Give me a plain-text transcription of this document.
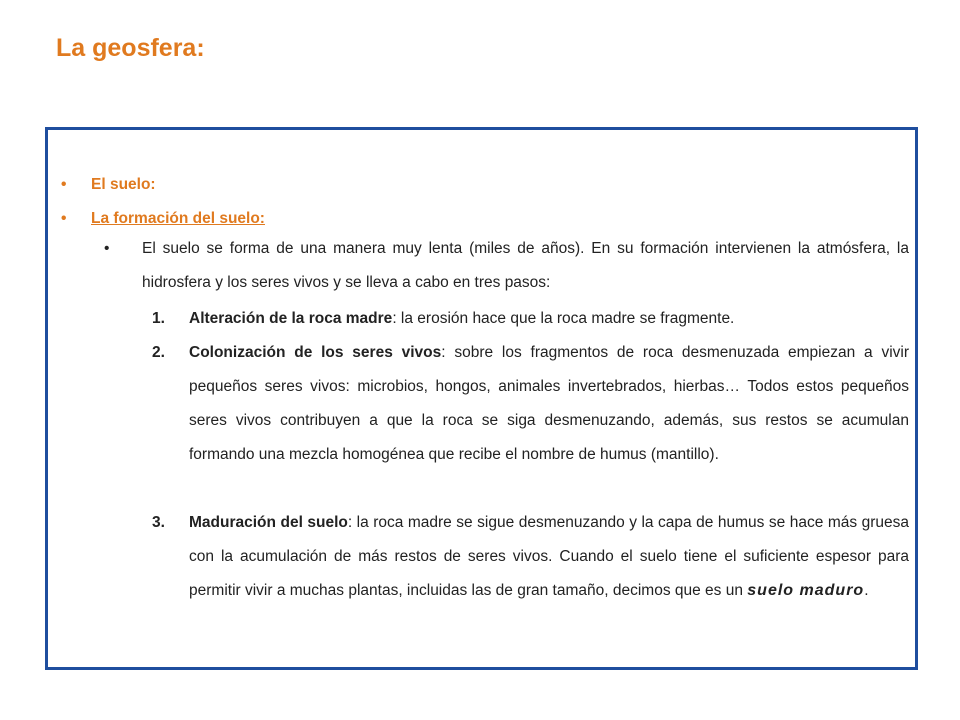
La geosfera:
•	El suelo:
•	La formación del suelo:
•	El suelo se forma de una manera muy lenta (miles de años). En su formación intervienen la atmósfera, la hidrosfera y los seres vivos y se lleva a cabo en tres pasos:
1. Alteración de la roca madre: la erosión hace que la roca madre se fragmente.
2. Colonización de los seres vivos: sobre los fragmentos de roca desmenuzada empiezan a vivir pequeños seres vivos: microbios, hongos, animales invertebrados, hierbas… Todos estos pequeños seres vivos contribuyen a que la roca se siga desmenuzando, además, sus restos se acumulan formando una mezcla homogénea que recibe el nombre de humus (mantillo).
3. Maduración del suelo: la roca madre se sigue desmenuzando y la capa de humus se hace más gruesa con la acumulación de más restos de seres vivos. Cuando el suelo tiene el suficiente espesor para permitir vivir a muchas plantas, incluidas las de gran tamaño, decimos que es un suelo maduro.
